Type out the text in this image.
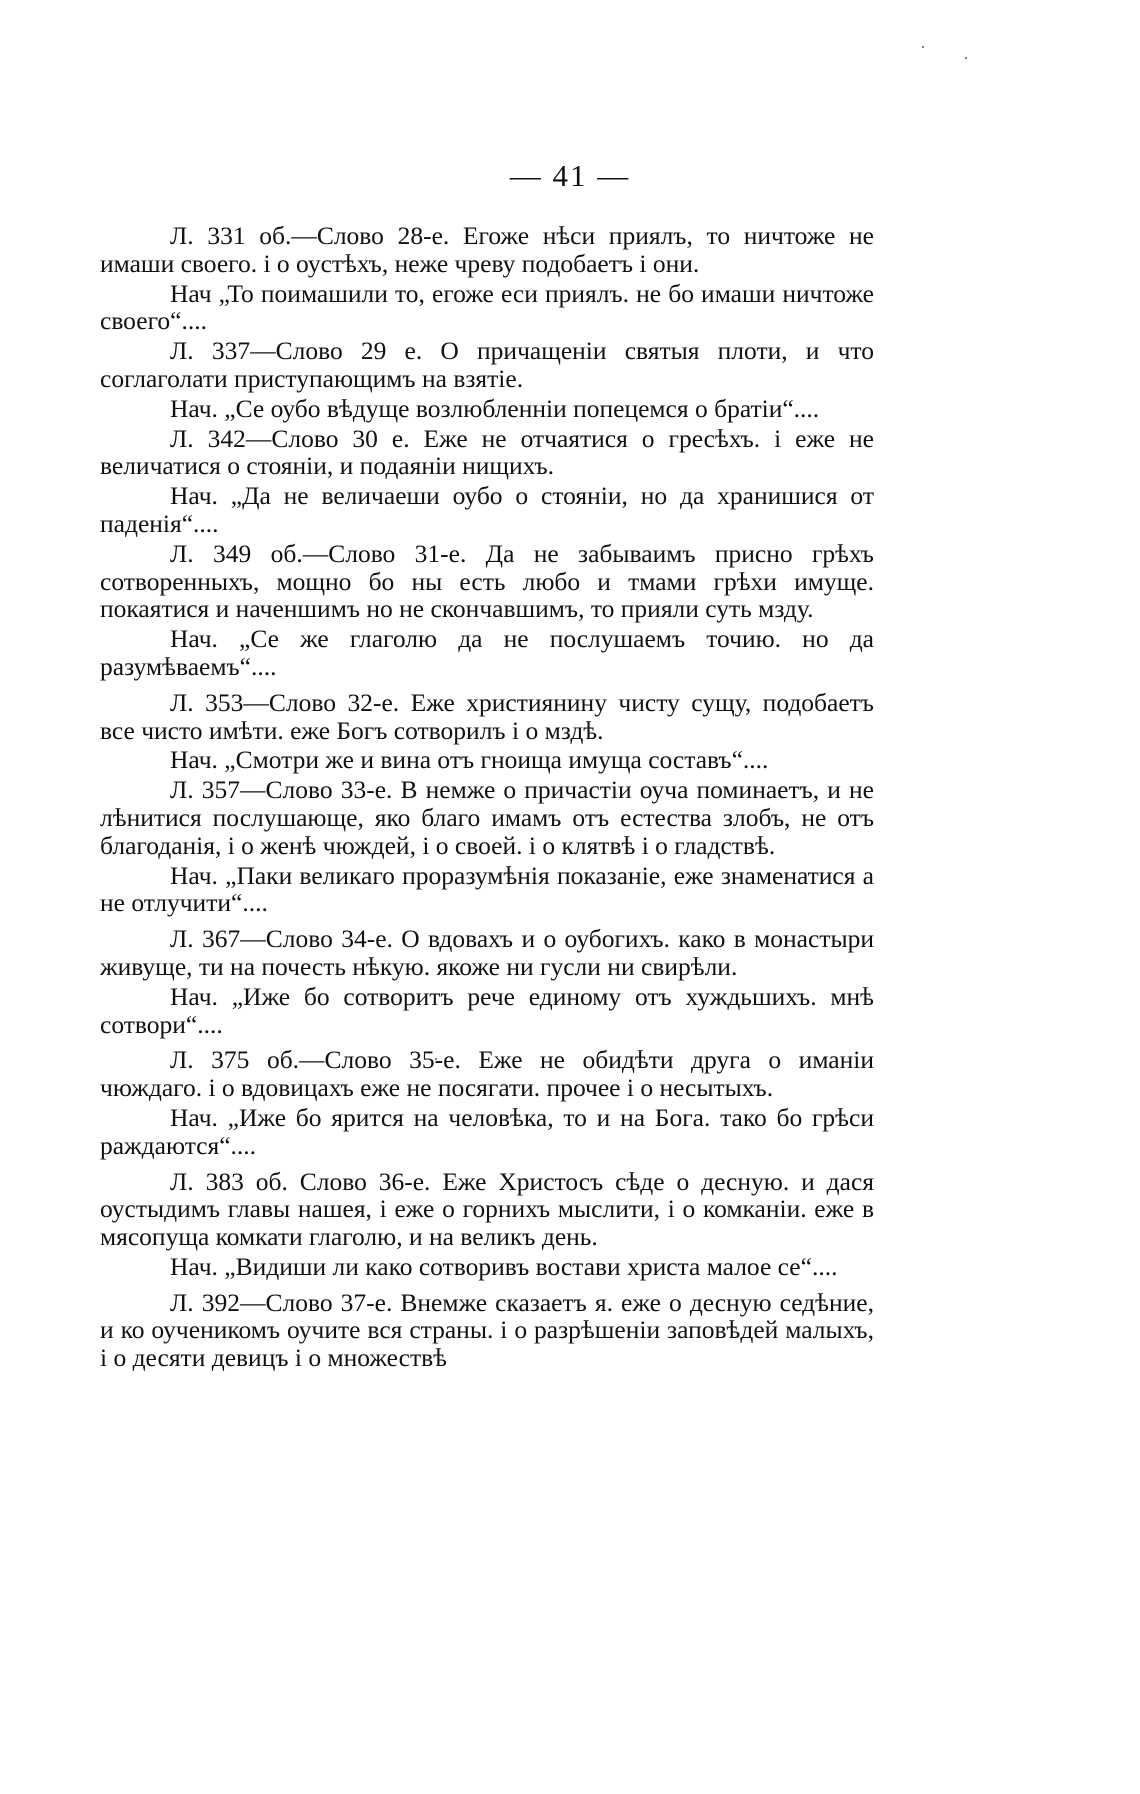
— 41 —

Л. 331 об.—Слово 28-е. Егоже нѣси приялъ, то ничтоже не имаши своего. і о оустѣхъ, неже чреву подобаетъ і они.

Нач „То поимашили то, егоже еси приялъ. не бо имаши ничтоже своего“....

Л. 337—Слово 29 е. О причащеніи святыя плоти, и что соглаголати приступающимъ на взятіе.

Нач. „Се оубо вѣдуще возлюбленніи попецемся о братіи“....

Л. 342—Слово 30 е. Еже не отчаятися о гресѣхъ. і еже не величатися о стояніи, и подаяніи нищихъ.

Нач. „Да не величаеши оубо о стояніи, но да хранишися от паденія“....

Л. 349 об.—Слово 31-е. Да не забываимъ присно грѣхъ сотворенныхъ, мощно бо ны есть любо и тмами грѣхи имуще. покаятися и наченшимъ но не скончавшимъ, то прияли суть мзду.

Нач. „Се же глаголю да не послушаемъ точию. но да разумѣваемъ“....

Л. 353—Слово 32-е. Еже християнину чисту сущу, подобаетъ все чисто имѣти. еже Богъ сотворилъ і о мздѣ.

Нач. „Смотри же и вина отъ гноища имуща составъ“....

Л. 357—Слово 33-е. В немже о причастіи оуча поминаетъ, и не лѣнитися послушающе, яко благо имамъ отъ естества злобъ, не отъ благоданія, і о женѣ чюждей, і о своей. і о клятвѣ і о гладствѣ.

Нач. „Паки великаго проразумѣнія показаніе, еже знаменатися а не отлучити“....

Л. 367—Слово 34-е. О вдовахъ и о оубогихъ. како в монастыри живуще, ти на почесть нѣкую. якоже ни гусли ни свирѣли.

Нач. „Иже бо сотворитъ рече единому отъ хуждьшихъ. мнѣ сотвори“....

Л. 375 об.—Слово 35-е. Еже не обидѣти друга о иманіи чюждаго. і о вдовицахъ еже не посягати. прочее і о несытыхъ.

Нач. „Иже бо ярится на человѣка, то и на Бога. тако бо грѣси раждаются“....

Л. 383 об. Слово 36-е. Еже Христосъ сѣде о десную. и дася оустыдимъ главы нашея, і еже о горнихъ мыслити, і о комканіи. еже в мясопуща комкати глаголю, и на великъ день.

Нач. „Видиши ли како сотворивъ востави христа малое се“....

Л. 392—Слово 37-е. Внемже сказаетъ я. еже о десную седѣние, и ко оученикомъ оучите вся страны. і о разрѣшеніи заповѣдей малыхъ, і о десяти девицъ і о множествѣ
